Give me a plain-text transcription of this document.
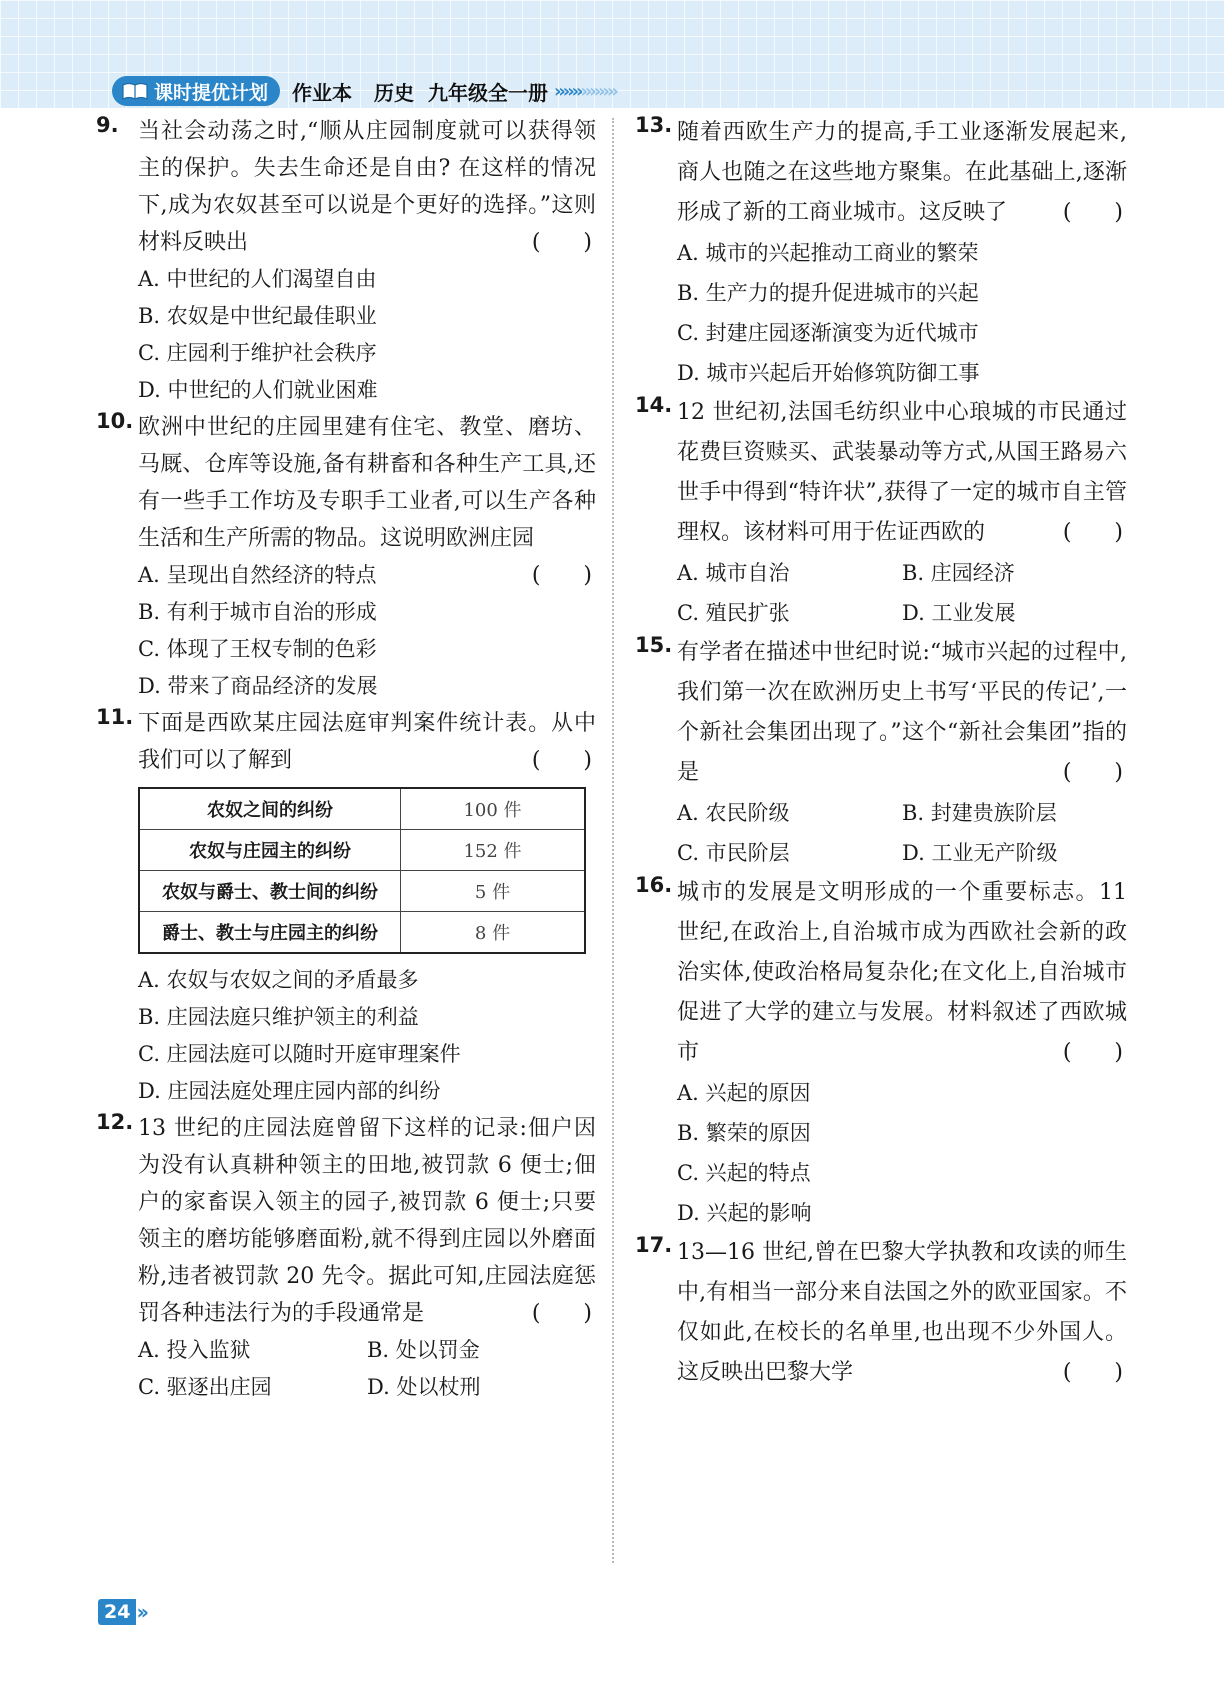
课时提优计划 作业本 历史  九年级全一册 ››››››››››››››
9. 当社会动荡之时,“顺从庄园制度就可以获得领主的保护。失去生命还是自由? 在这样的情况下,成为农奴甚至可以说是个更好的选择。”这则材料反映出	( )
A. 中世纪的人们渴望自由
B. 农奴是中世纪最佳职业
C. 庄园利于维护社会秩序
D. 中世纪的人们就业困难
10. 欧洲中世纪的庄园里建有住宅、教堂、磨坊、马厩、仓库等设施,备有耕畜和各种生产工具,还有一些手工作坊及专职手工业者,可以生产各种生活和生产所需的物品。这说明欧洲庄园
( )
A. 呈现出自然经济的特点
B. 有利于城市自治的形成
C. 体现了王权专制的色彩
D. 带来了商品经济的发展
11. 下面是西欧某庄园法庭审判案件统计表。从中我们可以了解到	( )
农奴之间的纠纷	100 件
农奴与庄园主的纠纷	152 件
农奴与爵士、教士间的纠纷	5 件
爵士、教士与庄园主的纠纷	8 件
A. 农奴与农奴之间的矛盾最多
B. 庄园法庭只维护领主的利益
C. 庄园法庭可以随时开庭审理案件
D. 庄园法庭处理庄园内部的纠纷
12. 13 世纪的庄园法庭曾留下这样的记录:佃户因为没有认真耕种领主的田地,被罚款 6 便士;佃户的家畜误入领主的园子,被罚款 6 便士;只要领主的磨坊能够磨面粉,就不得到庄园以外磨面粉,违者被罚款 20 先令。据此可知,庄园法庭惩罚各种违法行为的手段通常是	( )
A. 投入监狱	B. 处以罚金
C. 驱逐出庄园	D. 处以杖刑
13. 随着西欧生产力的提高,手工业逐渐发展起来,商人也随之在这些地方聚集。在此基础上,逐渐形成了新的工商业城市。这反映了	( )
A. 城市的兴起推动工商业的繁荣
B. 生产力的提升促进城市的兴起
C. 封建庄园逐渐演变为近代城市
D. 城市兴起后开始修筑防御工事
14. 12 世纪初,法国毛纺织业中心琅城的市民通过花费巨资赎买、武装暴动等方式,从国王路易六世手中得到“特许状”,获得了一定的城市自主管理权。该材料可用于佐证西欧的	( )
A. 城市自治	B. 庄园经济
C. 殖民扩张	D. 工业发展
15. 有学者在描述中世纪时说:“城市兴起的过程中,我们第一次在欧洲历史上书写‘平民的传记’,一个新社会集团出现了。”这个“新社会集团”指的是	( )
A. 农民阶级	B. 封建贵族阶层
C. 市民阶层	D. 工业无产阶级
16. 城市的发展是文明形成的一个重要标志。11 世纪,在政治上,自治城市成为西欧社会新的政治实体,使政治格局复杂化;在文化上,自治城市促进了大学的建立与发展。材料叙述了西欧城市	( )
A. 兴起的原因
B. 繁荣的原因
C. 兴起的特点
D. 兴起的影响
17. 13—16 世纪,曾在巴黎大学执教和攻读的师生中,有相当一部分来自法国之外的欧亚国家。不仅如此,在校长的名单里,也出现不少外国人。这反映出巴黎大学	( )
24 ››
